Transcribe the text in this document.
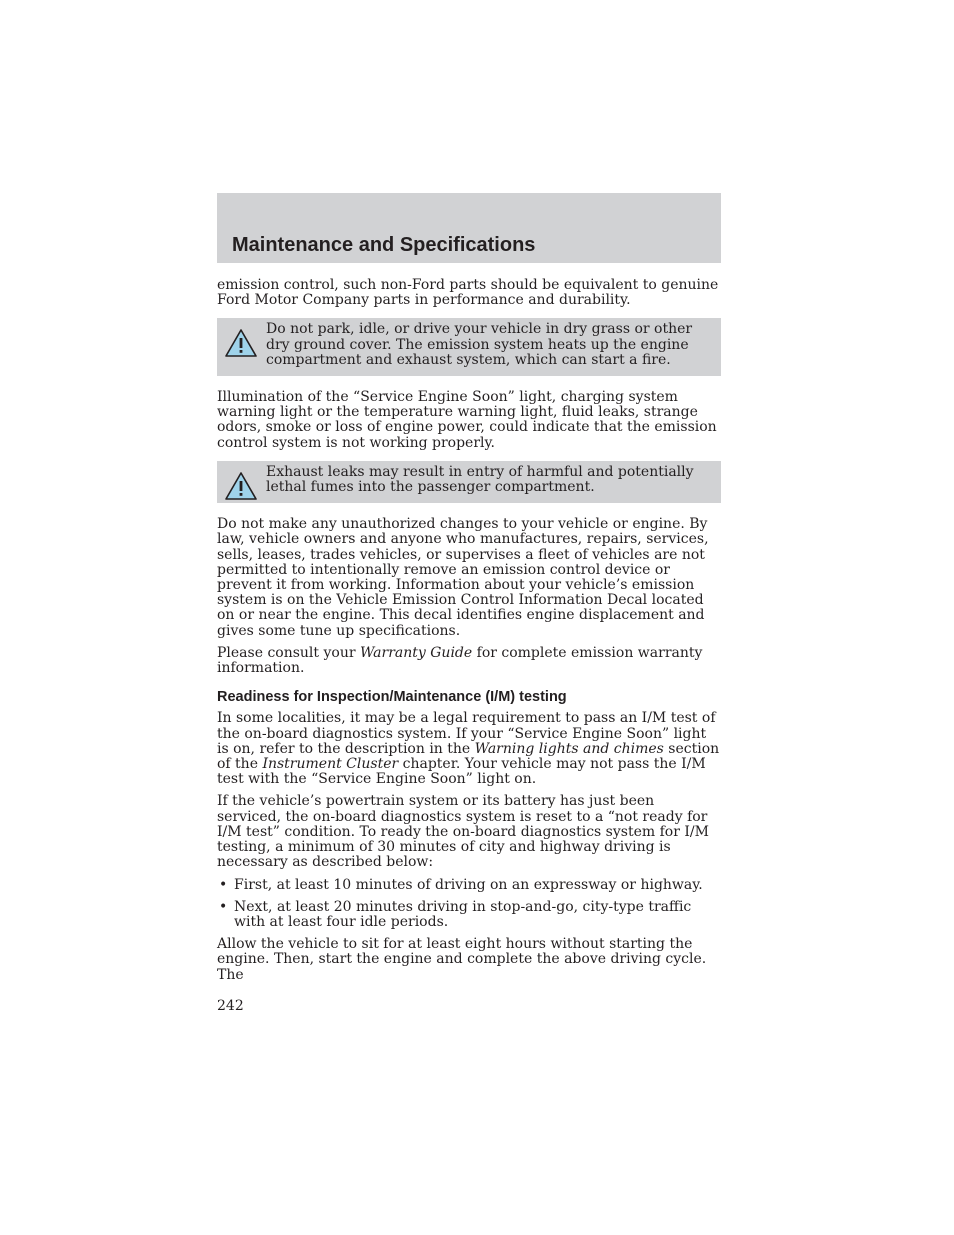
Maintenance and Specifications

emission control, such non-Ford parts should be equivalent to genuine Ford Motor Company parts in performance and durability.

Do not park, idle, or drive your vehicle in dry grass or other dry ground cover. The emission system heats up the engine compartment and exhaust system, which can start a fire.

Illumination of the “Service Engine Soon” light, charging system warning light or the temperature warning light, fluid leaks, strange odors, smoke or loss of engine power, could indicate that the emission control system is not working properly.

Exhaust leaks may result in entry of harmful and potentially lethal fumes into the passenger compartment.

Do not make any unauthorized changes to your vehicle or engine. By law, vehicle owners and anyone who manufactures, repairs, services, sells, leases, trades vehicles, or supervises a fleet of vehicles are not permitted to intentionally remove an emission control device or prevent it from working. Information about your vehicle’s emission system is on the Vehicle Emission Control Information Decal located on or near the engine. This decal identifies engine displacement and gives some tune up specifications.

Please consult your Warranty Guide for complete emission warranty information.

Readiness for Inspection/Maintenance (I/M) testing

In some localities, it may be a legal requirement to pass an I/M test of the on-board diagnostics system. If your “Service Engine Soon” light is on, refer to the description in the Warning lights and chimes section of the Instrument Cluster chapter. Your vehicle may not pass the I/M test with the “Service Engine Soon” light on.

If the vehicle’s powertrain system or its battery has just been serviced, the on-board diagnostics system is reset to a “not ready for I/M test” condition. To ready the on-board diagnostics system for I/M testing, a minimum of 30 minutes of city and highway driving is necessary as described below:

• First, at least 10 minutes of driving on an expressway or highway.
• Next, at least 20 minutes driving in stop-and-go, city-type traffic with at least four idle periods.

Allow the vehicle to sit for at least eight hours without starting the engine. Then, start the engine and complete the above driving cycle. The

242
